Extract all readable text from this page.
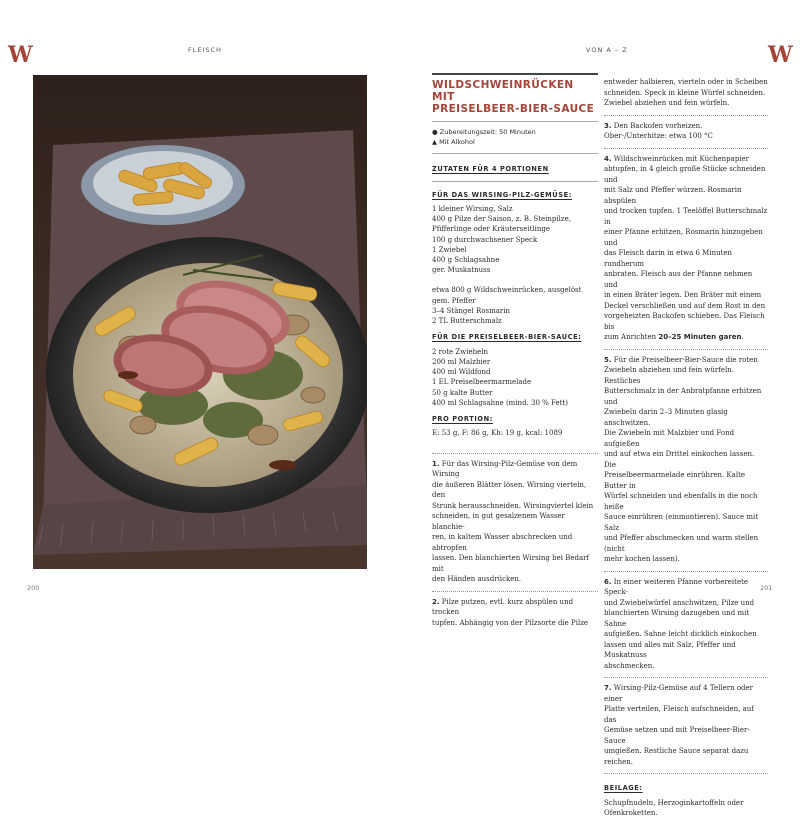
W	W
FLEISCH	VON A – Z
200	201
WILDSCHWEINRÜCKEN MIT
PREISELBEER-BIER-SAUCE
● Zubereitungszeit: 50 Minuten
▲ Mit Alkohol
ZUTATEN FÜR 4 PORTIONEN
FÜR DAS WIRSING-PILZ-GEMÜSE:

1 kleiner Wirsing, Salz

400 g Pilze der Saison, z. B. Steinpilze,

Pfifferlinge oder Kräuterseitlinge

100 g durchwachsener Speck

1 Zwiebel

400 g Schlagsahne

ger. Muskatnuss

etwa 800 g Wildschweinrücken, ausgelöst

gem. Pfeffer

3–4 Stängel Rosmarin

2 TL Butterschmalz

FÜR DIE PREISELBEER-BIER-SAUCE:

2 rote Zwiebeln

200 ml Malzbier

400 ml Wildfond

1 EL Preiselbeermarmelade

50 g kalte Butter

400 ml Schlagsahne (mind. 30 % Fett)

PRO PORTION:

E: 53 g, F: 86 g, Kh: 19 g, kcal: 1089

1. Für das Wirsing-Pilz-Gemüse von dem Wirsing

die äußeren Blätter lösen. Wirsing vierteln, den

Strunk herausschneiden. Wirsingviertel klein

schneiden, in gut gesalzenem Wasser blanchie-

ren, in kaltem Wasser abschrecken und abtropfen

lassen. Den blanchierten Wirsing bei Bedarf mit

den Händen ausdrücken.

2. Pilze putzen, evtl. kurz abspülen und trocken

tupfen. Abhängig von der Pilzsorte die Pilze

entweder halbieren, vierteln oder in Scheiben

schneiden. Speck in kleine Würfel schneiden.

Zwiebel abziehen und fein würfeln.

3. Den Backofen vorheizen.

Ober-/Unterhitze: etwa 100 °C

4. Wildschweinrücken mit Küchenpapier

abtupfen, in 4 gleich große Stücke schneiden und

mit Salz und Pfeffer würzen. Rosmarin abspülen

und trocken tupfen. 1 Teelöffel Butterschmalz in

einer Pfanne erhitzen, Rosmarin hinzugeben und

das Fleisch darin in etwa 6 Minuten rundherum

anbraten. Fleisch aus der Pfanne nehmen und

in einen Bräter legen. Den Bräter mit einem

Deckel verschließen und auf dem Rost in den

vorgeheizten Backofen schieben. Das Fleisch bis

zum Anrichten 20–25 Minuten garen.

5. Für die Preiselbeer-Bier-Sauce die roten

Zwiebeln abziehen und fein würfeln. Restliches

Butterschmalz in der Anbratpfanne erhitzen und

Zwiebeln darin 2–3 Minuten glasig anschwitzen.

Die Zwiebeln mit Malzbier und Fond aufgießen

und auf etwa ein Drittel einkochen lassen. Die

Preiselbeermarmelade einrühren. Kalte Butter in

Würfel schneiden und ebenfalls in die noch heiße

Sauce einrühren (einmontieren). Sauce mit Salz

und Pfeffer abschmecken und warm stellen (nicht

mehr kochen lassen).

6. In einer weiteren Pfanne vorbereitete Speck-

und Zwiebelwürfel anschwitzen, Pilze und

blanchierten Wirsing dazugeben und mit Sahne

aufgießen. Sahne leicht dicklich einkochen

lassen und alles mit Salz, Pfeffer und Muskatnuss

abschmecken.

7. Wirsing-Pilz-Gemüse auf 4 Tellern oder einer

Platte verteilen, Fleisch aufschneiden, auf das

Gemüse setzen und mit Preiselbeer-Bier-Sauce

umgießen. Restliche Sauce separat dazu reichen.

BEILAGE:

Schupfnudeln, Herzoginkartoffeln oder

Ofenkroketten.
